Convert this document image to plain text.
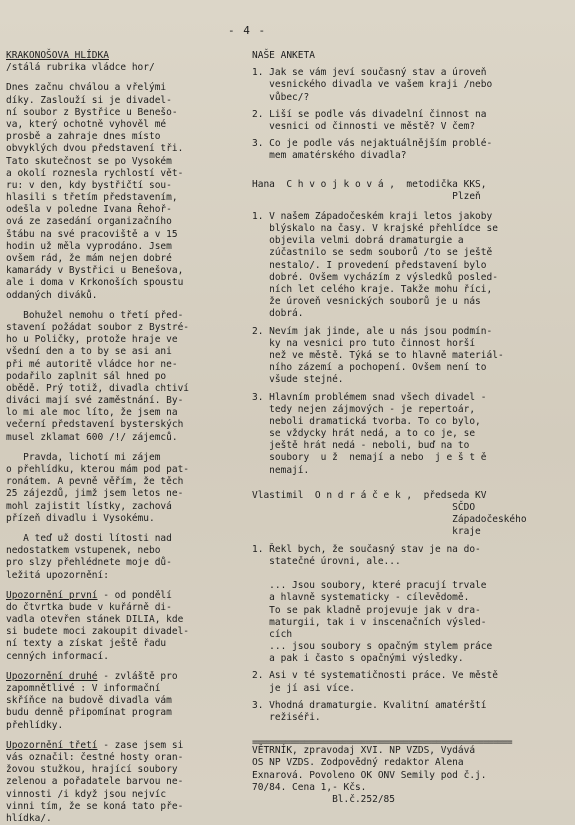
- 4 -
KRAKONOŠOVA HLÍDKA
/stálá rubrika vládce hor/
Dnes začnu chválou a vřelými
díky. Zaslouží si je divadel-
ní soubor z Bystřice u Benešo-
va, který ochotně vyhověl mé
prosbě a zahraje dnes místo
obvyklých dvou představení tři.
Tato skutečnost se po Vysokém
a okolí roznesla rychlostí vět-
ru: v den, kdy bystřičtí sou-
hlasili s třetím představením,
odešla v poledne Ivana Řehoř-
ová ze zasedání organizačního
štábu na své pracoviště a v 15
hodin už měla vyprodáno. Jsem
ovšem rád, že mám nejen dobré
kamarády v Bystřici u Benešova,
ale i doma v Krkonoších spoustu
oddaných diváků.
Bohužel nemohu o třetí před-
stavení požádat soubor z Bystré-
ho u Poličky, protože hraje ve
všední den a to by se asi ani
při mé autoritě vládce hor ne-
podařilo zaplnit sál hned po
obědě. Prý totiž, divadla chtiví
diváci mají své zaměstnání. By-
lo mi ale moc líto, že jsem na
večerní představení bysterských
musel zklamat 600 /!/ zájemců.
Pravda, lichotí mi zájem
o přehlídku, kterou mám pod pat-
ronátem. A pevně věřím, že těch
25 zájezdů, jimž jsem letos ne-
mohl zajistit lístky, zachová
přízeň divadlu i Vysokému.
A teď už dosti lítosti nad
nedostatkem vstupenek, nebo
pro slzy přehlédnete moje dů-
ležitá upozornění:
Upozornění první - od pondělí
do čtvrtka bude v kuřárně di-
vadla otevřen stánek DILIA, kde
si budete moci zakoupit divadel-
ní texty a získat ještě řadu
cenných informací.
Upozornění druhé - zvláště pro
zapomnětlivé : V informační
skříňce na budově divadla vám
budu denně připomínat program
přehlídky.
Upozornění třetí - zase jsem si
vás označil: čestné hosty oran-
žovou stužkou, hrající soubory
zelenou a pořadatele barvou ne-
vinnosti /i když jsou nejvíc
vinni tím, že se koná tato pře-
hlídka/.
NAŠE ANKETA
1. Jak se vám jeví současný stav a úroveň
vesnického divadla ve vašem kraji /nebo
vůbec/?
2. Liší se podle vás divadelní činnost na
vesnici od činnosti ve městě? V čem?
3. Co je podle vás nejaktuálnějším problé-
mem amatérského divadla?
Hana  C h v o j k o v á ,  metodička KKS,
Plzeň
1. V našem Západočeském kraji letos jakoby
blýskalo na časy. V krajské přehlídce se
objevila velmi dobrá dramaturgie a
zúčastnilo se sedm souborů /to se ještě
nestalo/. I provedení představení bylo
dobré. Ovšem vycházím z výsledků posled-
ních let celého kraje. Takže mohu říci,
že úroveň vesnických souborů je u nás
dobrá.
2. Nevím jak jinde, ale u nás jsou podmín-
ky na vesnici pro tuto činnost horší
než ve městě. Týká se to hlavně materiál-
ního zázemí a pochopení. Ovšem není to
všude stejné.
3. Hlavním problémem snad všech divadel -
tedy nejen zájmových - je repertoár,
neboli dramatická tvorba. To co bylo,
se vždycky hrát nedá, a to co je, se
ještě hrát nedá - neboli, buď na to
soubory  u ž  nemají a nebo  j e š t ě
nemají.
Vlastimil  O n d r á č e k ,  předseda KV
SČDO
Západočeského
kraje
1. Řekl bych, že současný stav je na do-
statečné úrovni, ale...
... Jsou soubory, které pracují trvale
a hlavně systematicky - cílevědomě.
To se pak kladně projevuje jak v dra-
maturgii, tak i v inscenačních výsled-
cích
... jsou soubory s opačným stylem práce
a pak i často s opačnými výsledky.
2. Asi v té systematičnosti práce. Ve městě
je jí asi více.
3. Vhodná dramaturgie. Kvalitní amatérští
režiséři.
=======================================================
VĚTRNÍK, zpravodaj XVI. NP VZDS, Vydává
OS NP VZDS. Zodpovědný redaktor Alena
Exnarová. Povoleno OK ONV Semily pod č.j.
70/84. Cena 1,- Kčs.
Bl.č.252/85
